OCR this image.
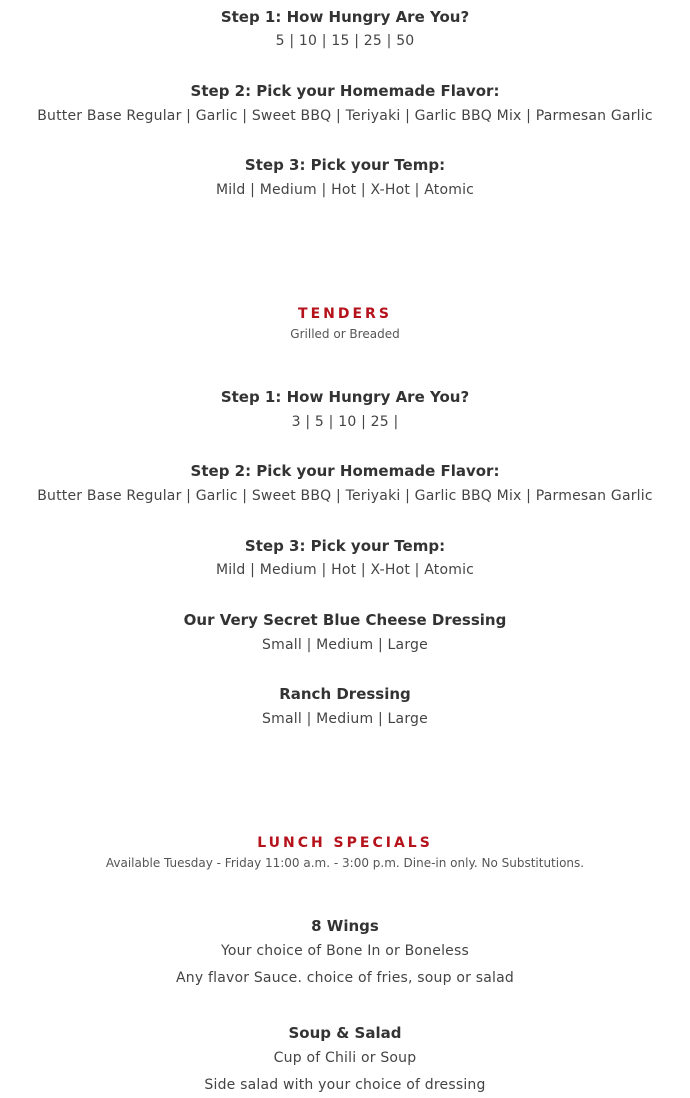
Step 1: How Hungry Are You?
5 | 10 | 15 | 25 | 50
Step 2: Pick your Homemade Flavor:
Butter Base Regular | Garlic | Sweet BBQ | Teriyaki | Garlic BBQ Mix | Parmesan Garlic
Step 3: Pick your Temp:
Mild | Medium | Hot | X-Hot | Atomic
TENDERS
Grilled or Breaded
Step 1: How Hungry Are You?
3 | 5 | 10 | 25 |
Step 2: Pick your Homemade Flavor:
Butter Base Regular | Garlic | Sweet BBQ | Teriyaki | Garlic BBQ Mix | Parmesan Garlic
Step 3: Pick your Temp:
Mild | Medium | Hot | X-Hot | Atomic
Our Very Secret Blue Cheese Dressing
Small | Medium | Large
Ranch Dressing
Small | Medium | Large
LUNCH SPECIALS
Available Tuesday - Friday 11:00 a.m. - 3:00 p.m. Dine-in only. No Substitutions.
8 Wings
Your choice of Bone In or Boneless
Any flavor Sauce. choice of fries, soup or salad
Soup & Salad
Cup of Chili or Soup
Side salad with your choice of dressing
